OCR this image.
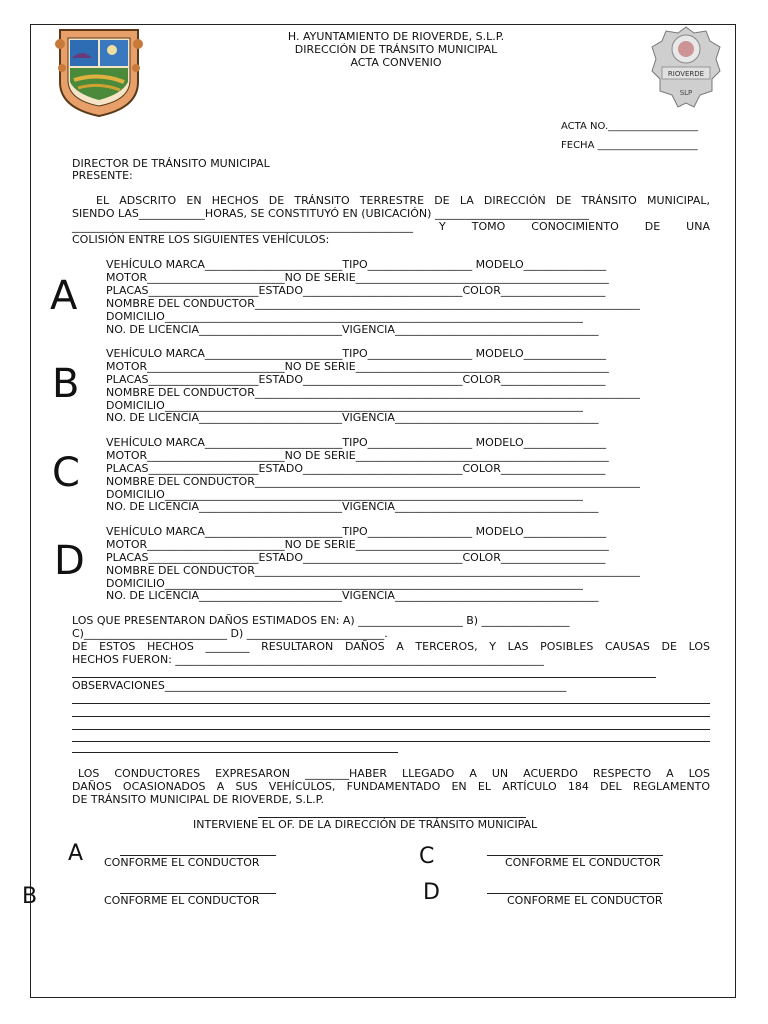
RIOVERDE
SLP
H. AYUNTAMIENTO DE RIOVERDE, S.L.P.
DIRECCIÓN DE TRÁNSITO MUNICIPAL
ACTA CONVENIO
ACTA NO.__________________
FECHA ____________________
DIRECTOR DE TRÁNSITO MUNICIPAL
PRESENTE:
EL ADSCRITO EN HECHOS DE TRÁNSITO TERRESTRE DE LA DIRECCIÓN DE TRÁNSITO MUNICIPAL,
SIENDO LAS____________HORAS, SE CONSTITUYÓ EN (UBICACIÓN) ____________________________
______________________________________________________________ Y TOMO CONOCIMIENTO DE UNA
COLISIÓN ENTRE LOS SIGUIENTES VEHÍCULOS:
A
VEHÍCULO MARCA_________________________TIPO___________________ MODELO_______________
MOTOR_________________________NO DE SERIE______________________________________________
PLACAS____________________ESTADO_____________________________COLOR___________________
NOMBRE DEL CONDUCTOR______________________________________________________________________
DOMICILIO____________________________________________________________________________
NO. DE LICENCIA__________________________VIGENCIA_____________________________________
B
VEHÍCULO MARCA_________________________TIPO___________________ MODELO_______________
MOTOR_________________________NO DE SERIE______________________________________________
PLACAS____________________ESTADO_____________________________COLOR___________________
NOMBRE DEL CONDUCTOR______________________________________________________________________
DOMICILIO____________________________________________________________________________
NO. DE LICENCIA__________________________VIGENCIA_____________________________________
C
VEHÍCULO MARCA_________________________TIPO___________________ MODELO_______________
MOTOR_________________________NO DE SERIE______________________________________________
PLACAS____________________ESTADO_____________________________COLOR___________________
NOMBRE DEL CONDUCTOR______________________________________________________________________
DOMICILIO____________________________________________________________________________
NO. DE LICENCIA__________________________VIGENCIA_____________________________________
D
VEHÍCULO MARCA_________________________TIPO___________________ MODELO_______________
MOTOR_________________________NO DE SERIE______________________________________________
PLACAS____________________ESTADO_____________________________COLOR___________________
NOMBRE DEL CONDUCTOR______________________________________________________________________
DOMICILIO____________________________________________________________________________
NO. DE LICENCIA__________________________VIGENCIA_____________________________________
LOS QUE PRESENTARON DAÑOS ESTIMADOS EN: A) ___________________ B) ________________
C)__________________________ D) _________________________.
DE ESTOS HECHOS ________ RESULTARON DAÑOS A TERCEROS, Y LAS POSIBLES CAUSAS DE LOS
HECHOS FUERON: ___________________________________________________________________
OBSERVACIONES_________________________________________________________________________
LOS CONDUCTORES EXPRESARON ________HABER LLEGADO A UN ACUERDO RESPECTO A LOS
DAÑOS OCASIONADOS A SUS VEHÍCULOS, FUNDAMENTADO EN EL ARTÍCULO 184 DEL REGLAMENTO
DE TRÁNSITO MUNICIPAL DE RIOVERDE, S.L.P.
INTERVIENE EL OF. DE LA DIRECCIÓN DE TRÁNSITO MUNICIPAL
A CONFORME EL CONDUCTOR	C	CONFORME EL CONDUCTOR
B	CONFORME EL CONDUCTOR	D	CONFORME EL CONDUCTOR
